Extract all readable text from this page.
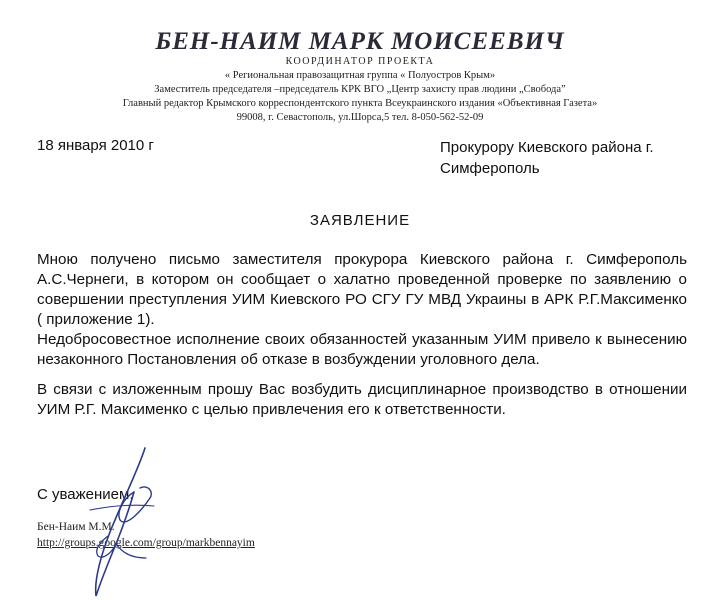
БЕН-НАИМ МАРК МОИСЕЕВИЧ
КООРДИНАТОР ПРОЕКТА
« Региональная правозащитная группа « Полуостров Крым»
Заместитель председателя –председатель КРК ВГО „Центр захисту прав людини „Свобода”
Главный редактор Крымского корреспондентского пункта Всеукраинского издания «Объективная Газета»
99008, г. Севастополь, ул.Шорса,5 тел. 8-050-562-52-09
18 января 2010 г	Прокурору Киевского района г.
Симферополь
ЗАЯВЛЕНИЕ

Мною получено письмо заместителя прокурора Киевского района г. Симферополь А.С.Чернеги, в котором он сообщает о халатно проведенной проверке по заявлению о совершении преступления УИМ Киевского РО СГУ ГУ МВД Украины в АРК Р.Г.Максименко ( приложение 1).

Недобросовестное исполнение своих обязанностей указанным УИМ привело к вынесению незаконного Постановления об отказе в возбуждении уголовного дела.

В связи с изложенным прошу Вас возбудить дисциплинарное производство в отношении УИМ Р.Г. Максименко с целью привлечения его к ответственности.

С уважением,
Бен-Наим М.М.
http://groups.google.com/group/markbennayim
